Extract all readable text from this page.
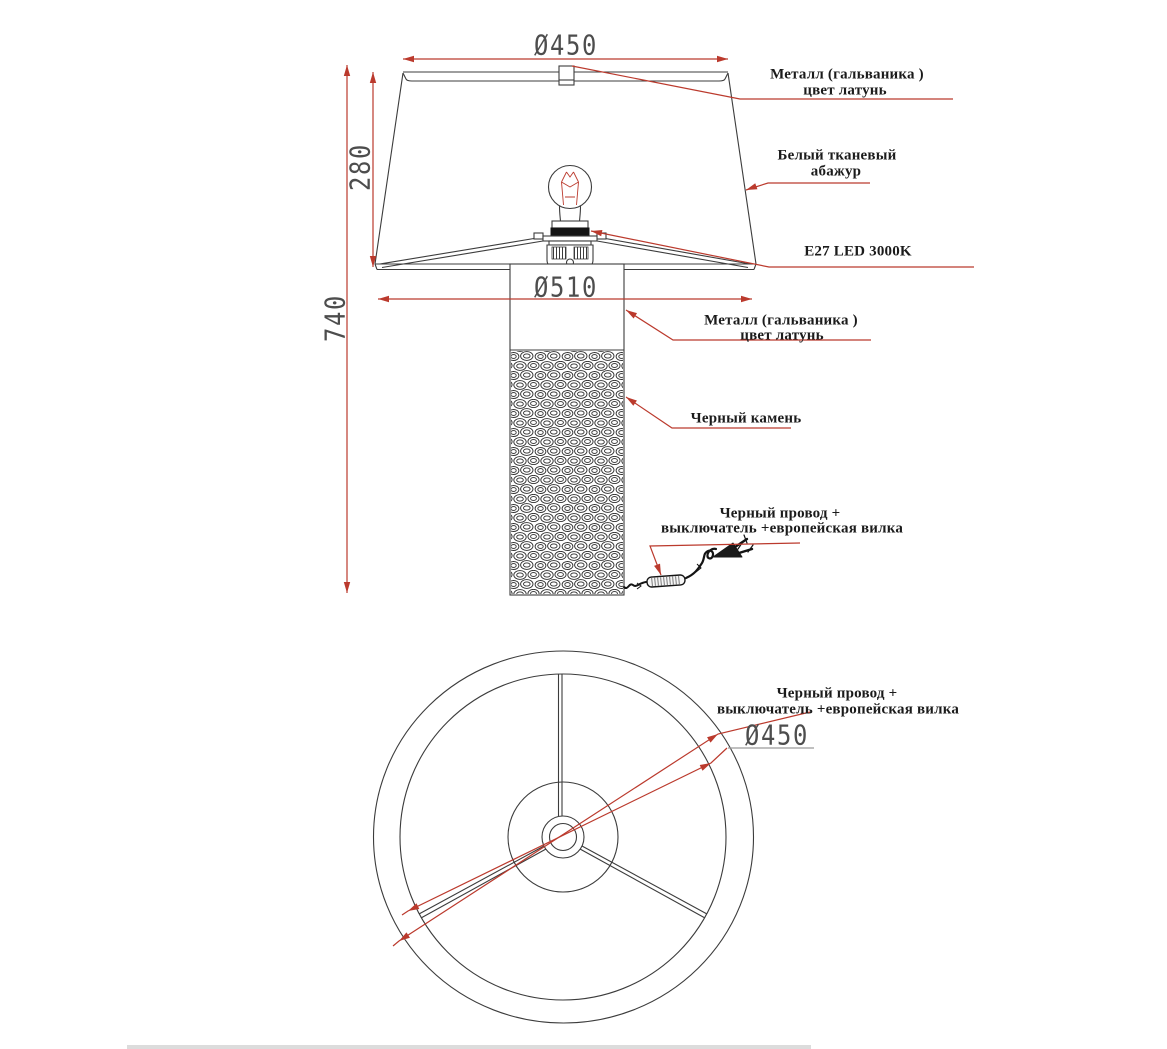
Ø450
280
740
Ø510
Ø450
Металл (гальваника )
цвет латунь
Белый тканевый
абажур
E27 LED 3000K
Металл (гальваника )
цвет латунь
Черный камень
Черный провод +
выключатель +европейская вилка
Черный провод +
выключатель +европейская вилка
